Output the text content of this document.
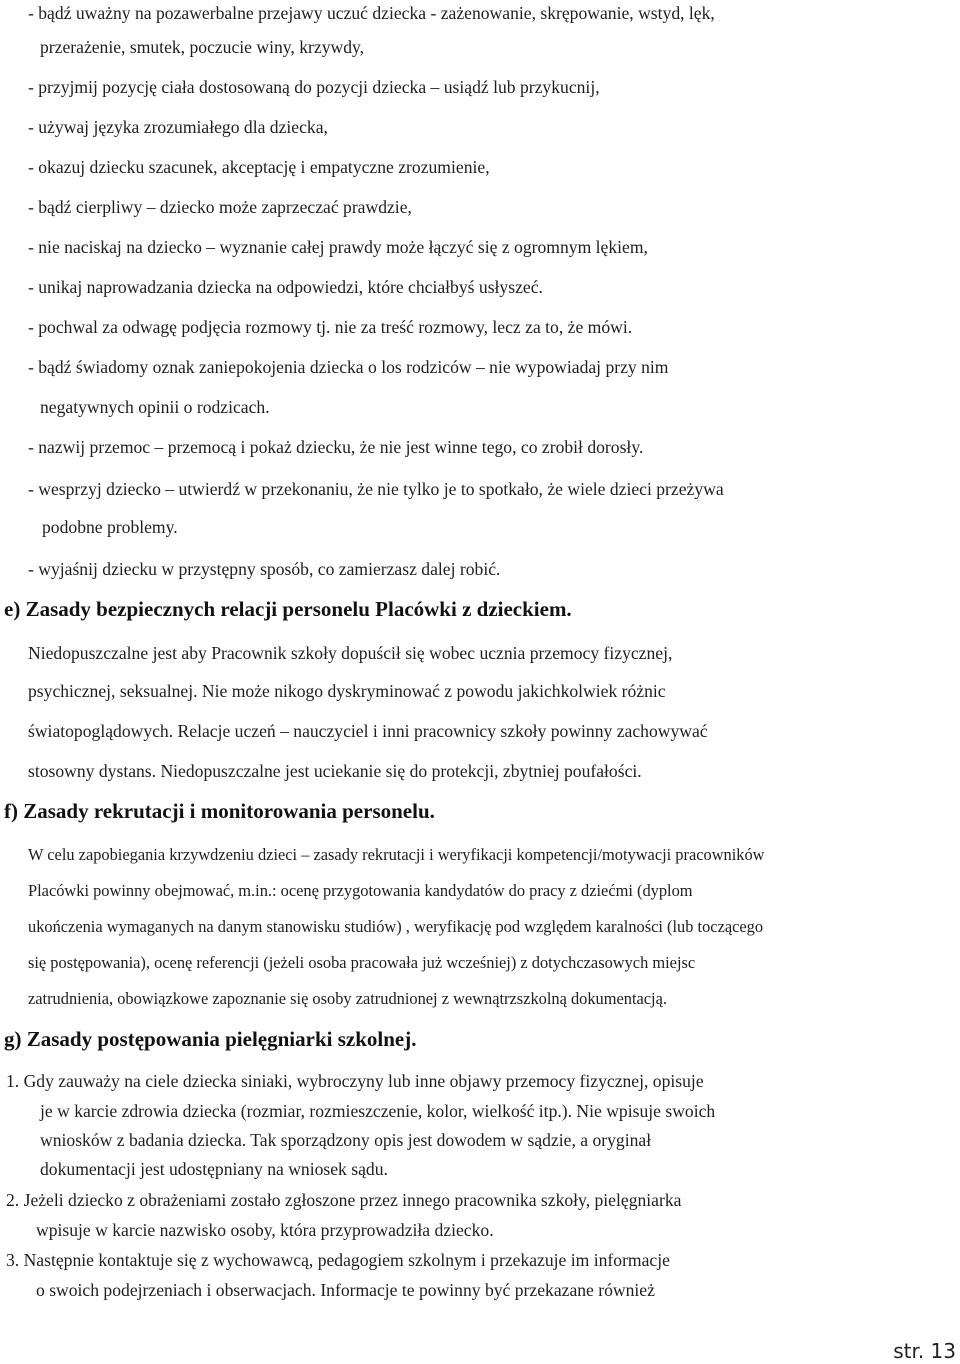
- bądź uważny na pozawerbalne przejawy uczuć dziecka - zażenowanie, skrępowanie, wstyd, lęk,
przerażenie, smutek, poczucie winy, krzywdy,
- przyjmij pozycję ciała dostosowaną do pozycji dziecka – usiądź lub przykucnij,
- używaj języka zrozumiałego dla dziecka,
- okazuj dziecku szacunek, akceptację i empatyczne zrozumienie,
- bądź cierpliwy – dziecko może zaprzeczać prawdzie,
- nie naciskaj na dziecko – wyznanie całej prawdy może łączyć się z ogromnym lękiem,
- unikaj naprowadzania dziecka na odpowiedzi, które chciałbyś usłyszeć.
- pochwal za odwagę podjęcia rozmowy tj. nie za treść rozmowy, lecz za to, że mówi.
- bądź świadomy oznak zaniepokojenia dziecka o los rodziców – nie wypowiadaj przy nim
negatywnych opinii o rodzicach.
- nazwij przemoc – przemocą i pokaż dziecku, że nie jest winne tego, co zrobił dorosły.
- wesprzyj dziecko – utwierdź w przekonaniu, że nie tylko je to spotkało, że wiele dzieci przeżywa
podobne problemy.
- wyjaśnij dziecku w przystępny sposób, co zamierzasz dalej robić.
e) Zasady bezpiecznych relacji personelu Placówki z dzieckiem.
Niedopuszczalne jest aby Pracownik szkoły dopuścił się wobec ucznia przemocy fizycznej,
psychicznej, seksualnej. Nie może nikogo dyskryminować z powodu jakichkolwiek różnic
światopoglądowych. Relacje uczeń – nauczyciel i inni pracownicy szkoły powinny zachowywać
stosowny dystans. Niedopuszczalne jest uciekanie się do protekcji, zbytniej poufałości.
f) Zasady rekrutacji i monitorowania personelu.
W celu zapobiegania krzywdzeniu dzieci – zasady rekrutacji i weryfikacji kompetencji/motywacji pracowników
Placówki powinny obejmować, m.in.: ocenę przygotowania kandydatów do pracy z dziećmi (dyplom
ukończenia wymaganych na danym stanowisku studiów) , weryfikację pod względem karalności (lub toczącego
się postępowania), ocenę referencji (jeżeli osoba pracowała już wcześniej) z dotychczasowych miejsc
zatrudnienia, obowiązkowe zapoznanie się osoby zatrudnionej z wewnątrzszkolną dokumentacją.
g) Zasady postępowania pielęgniarki szkolnej.
1. Gdy zauważy na ciele dziecka siniaki, wybroczyny lub inne objawy przemocy fizycznej, opisuje
je w karcie zdrowia dziecka (rozmiar, rozmieszczenie, kolor, wielkość itp.). Nie wpisuje swoich
wniosków z badania dziecka. Tak sporządzony opis jest dowodem w sądzie, a oryginał
dokumentacji jest udostępniany na wniosek sądu.
2. Jeżeli dziecko z obrażeniami zostało zgłoszone przez innego pracownika szkoły, pielęgniarka
wpisuje w karcie nazwisko osoby, która przyprowadziła dziecko.
3. Następnie kontaktuje się z wychowawcą, pedagogiem szkolnym i przekazuje im informacje
o swoich podejrzeniach i obserwacjach. Informacje te powinny być przekazane również
str. 13
